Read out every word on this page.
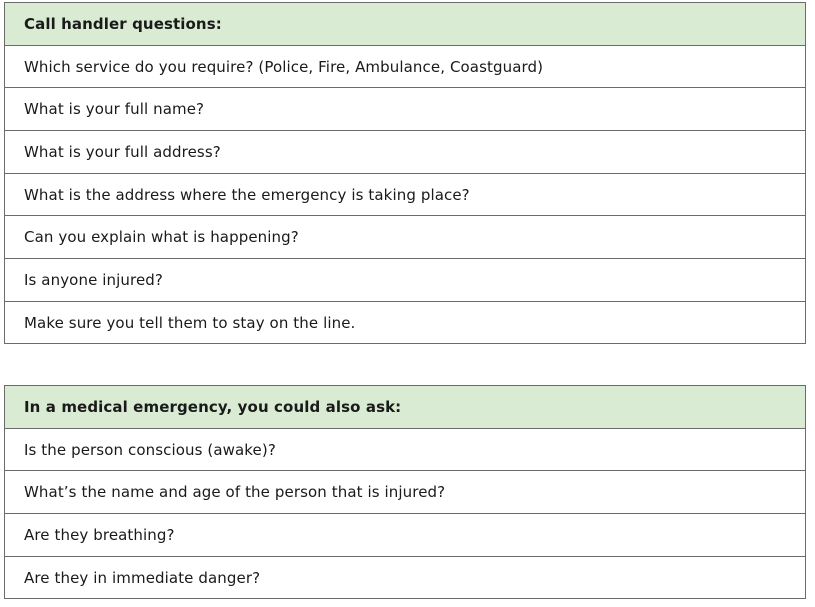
Call handler questions:
Which service do you require? (Police, Fire, Ambulance, Coastguard)
What is your full name?
What is your full address?
What is the address where the emergency is taking place?
Can you explain what is happening?
Is anyone injured?
Make sure you tell them to stay on the line.
In a medical emergency, you could also ask:
Is the person conscious (awake)?
What’s the name and age of the person that is injured?
Are they breathing?
Are they in immediate danger?
